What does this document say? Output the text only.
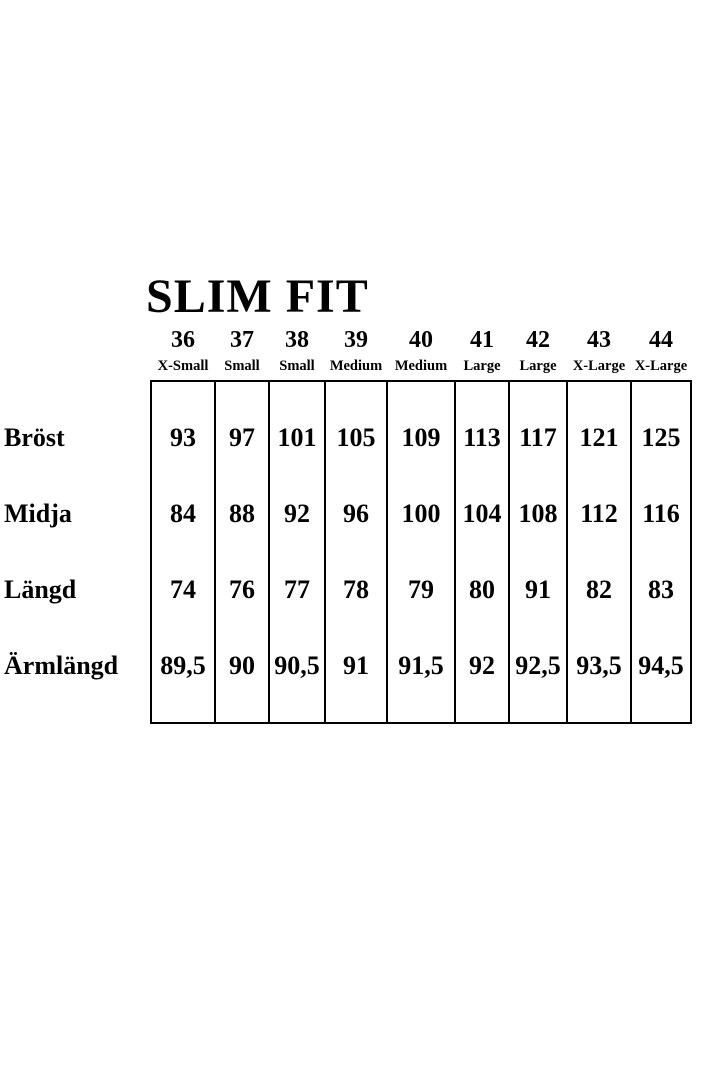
SLIM FIT
	36	37	38	39	40	41	42	43	44
	X-Small	Small	Small	Medium	Medium	Large	Large	X-Large	X-Large

Bröst	93	97	101	105	109	113	117	121	125
Midja	84	88	92	96	100	104	108	112	116
Längd	74	76	77	78	79	80	91	82	83
Ärmlängd	89,5	90	90,5	91	91,5	92	92,5	93,5	94,5
